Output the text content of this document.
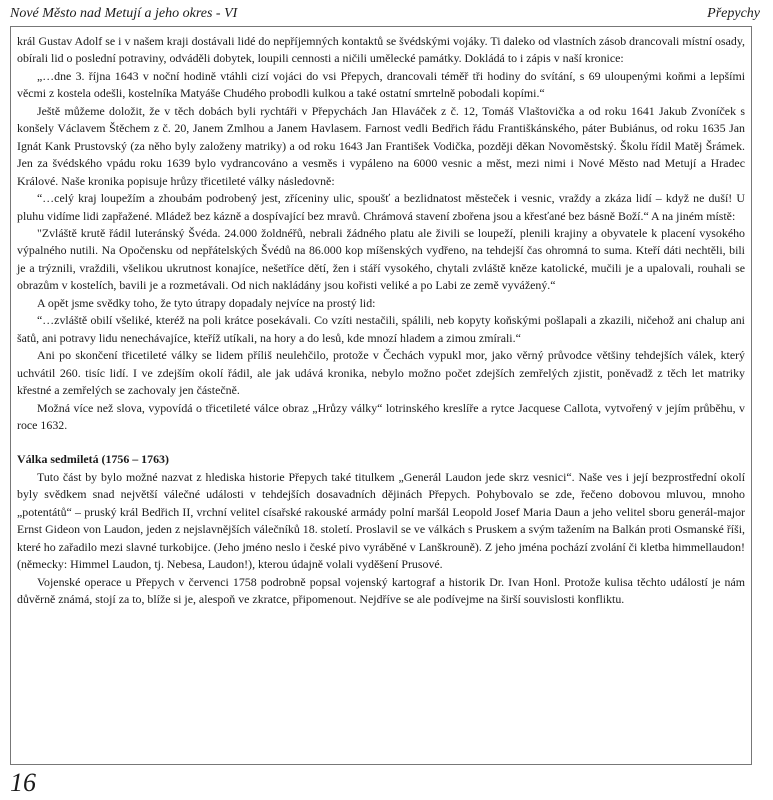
Nové Město nad Metují a jeho okres - VI	Přepychy

král Gustav Adolf se i v našem kraji dostávali lidé do nepříjemných kontaktů se švédskými vojáky. Ti daleko od vlastních zásob drancovali místní osady, obírali lid o poslední potraviny, odváděli dobytek, loupili cennosti a ničili umělecké památky. Dokládá to i zápis v naší kronice:

„…dne 3. října 1643 v noční hodině vtáhli cizí vojáci do vsi Přepych, drancovali téměř tři hodiny do svítání, s 69 uloupenými koňmi a lepšími věcmi z kostela odešli, kostelníka Matyáše Chudého probodli kulkou a také ostatní smrtelně pobodali kopími.“

Ještě můžeme doložit, že v těch dobách byli rychtáři v Přepychách Jan Hlaváček z č. 12, Tomáš Vlaštovička a od roku 1641 Jakub Zvoníček s konšely Václavem Štěchem z č. 20, Janem Zmlhou a Janem Havlasem. Farnost vedli Bedřich řádu Františkánského, páter Bubiánus, od roku 1635 Jan Ignát Kank Prustovský (za něho byly založeny matriky) a od roku 1643 Jan František Vodička, později děkan Novoměstský. Školu řídil Matěj Šrámek. Jen za švédského vpádu roku 1639 bylo vydrancováno a vesměs i vypáleno na 6000 vesnic a měst, mezi nimi i Nové Město nad Metují a Hradec Králové. Naše kronika popisuje hrůzy třicetileté války následovně:

“…celý kraj loupežím a zhoubám podrobený jest, zříceniny ulic, spoušť a bezlidnatost městeček i vesnic, vraždy a zkáza lidí – když ne duší! U pluhu vidíme lidi zapřažené. Mládež bez kázně a dospívající bez mravů. Chrámová stavení zbořena jsou a křesťané bez básně Boží.“ A na jiném místě:

"Zvláště krutě řádil luteránský Švéda. 24.000 žoldnéřů, nebrali žádného platu ale živili se loupeží, plenili krajiny a obyvatele k placení vysokého výpalného nutili. Na Opočensku od nepřátelských Švédů na 86.000 kop míšenských vydřeno, na tehdejší čas ohromná to suma. Kteří dáti nechtěli, bili je a trýznili, vraždili, všelikou ukrutnost konajíce, nešetříce dětí, žen i stáří vysokého, chytali zvláště kněze katolické, mučili je a upalovali, rouhali se obrazům v kostelích, bavili je a rozmetávali. Od nich nakládány jsou kořisti veliké a po Labi ze země vyvážený.“

A opět jsme svědky toho, že tyto útrapy dopadaly nejvíce na prostý lid:

“…zvláště obilí všeliké, kteréž na poli krátce posekávali. Co vzíti nestačili, spálili, neb kopyty koňskými pošlapali a zkazili, ničehož ani chalup ani šatů, ani potravy lidu nenechávajíce, kteříž utíkali, na hory a do lesů, kde mnozí hladem a zimou zmírali.“

Ani po skončení třicetileté války se lidem příliš neulehčilo, protože v Čechách vypukl mor, jako věrný průvodce většiny tehdejších válek, který uchvátil 260. tisíc lidí. I ve zdejším okolí řádil, ale jak udává kronika, nebylo možno počet zdejších zemřelých zjistit, poněvadž z těch let matriky křestné a zemřelých se zachovaly jen částečně.

Možná více než slova, vypovídá o třicetileté válce obraz „Hrůzy války“ lotrinského kreslíře a rytce Jacquese Callota, vytvořený v jejím průběhu, v roce 1632.

Válka sedmiletá (1756 – 1763)

Tuto část by bylo možné nazvat z hlediska historie Přepych také titulkem „Generál Laudon jede skrz vesnici“. Naše ves i její bezprostřední okolí byly svědkem snad největší válečné události v tehdejších dosavadních dějinách Přepych. Pohybovalo se zde, řečeno dobovou mluvou, mnoho „potentátů“ – pruský král Bedřich II, vrchní velitel císařské rakouské armády polní maršál Leopold Josef Maria Daun a jeho velitel sboru generál-major Ernst Gideon von Laudon, jeden z nejslavnějších válečníků 18. století. Proslavil se ve válkách s Pruskem a svým tažením na Balkán proti Osmanské říši, které ho zařadilo mezi slavné turkobijce. (Jeho jméno neslo i české pivo vyráběné v Lanškrouně). Z jeho jména pochází zvolání či kletba himmellaudon! (německy: Himmel Laudon, tj. Nebesa, Laudon!), kterou údajně volali vyděšení Prusové.

Vojenské operace u Přepych v červenci 1758 podrobně popsal vojenský kartograf a historik Dr. Ivan Honl. Protože kulisa těchto událostí je nám důvěrně známá, stojí za to, blíže si je, alespoň ve zkratce, připomenout. Nejdříve se ale podívejme na širší souvislosti konfliktu.

16
